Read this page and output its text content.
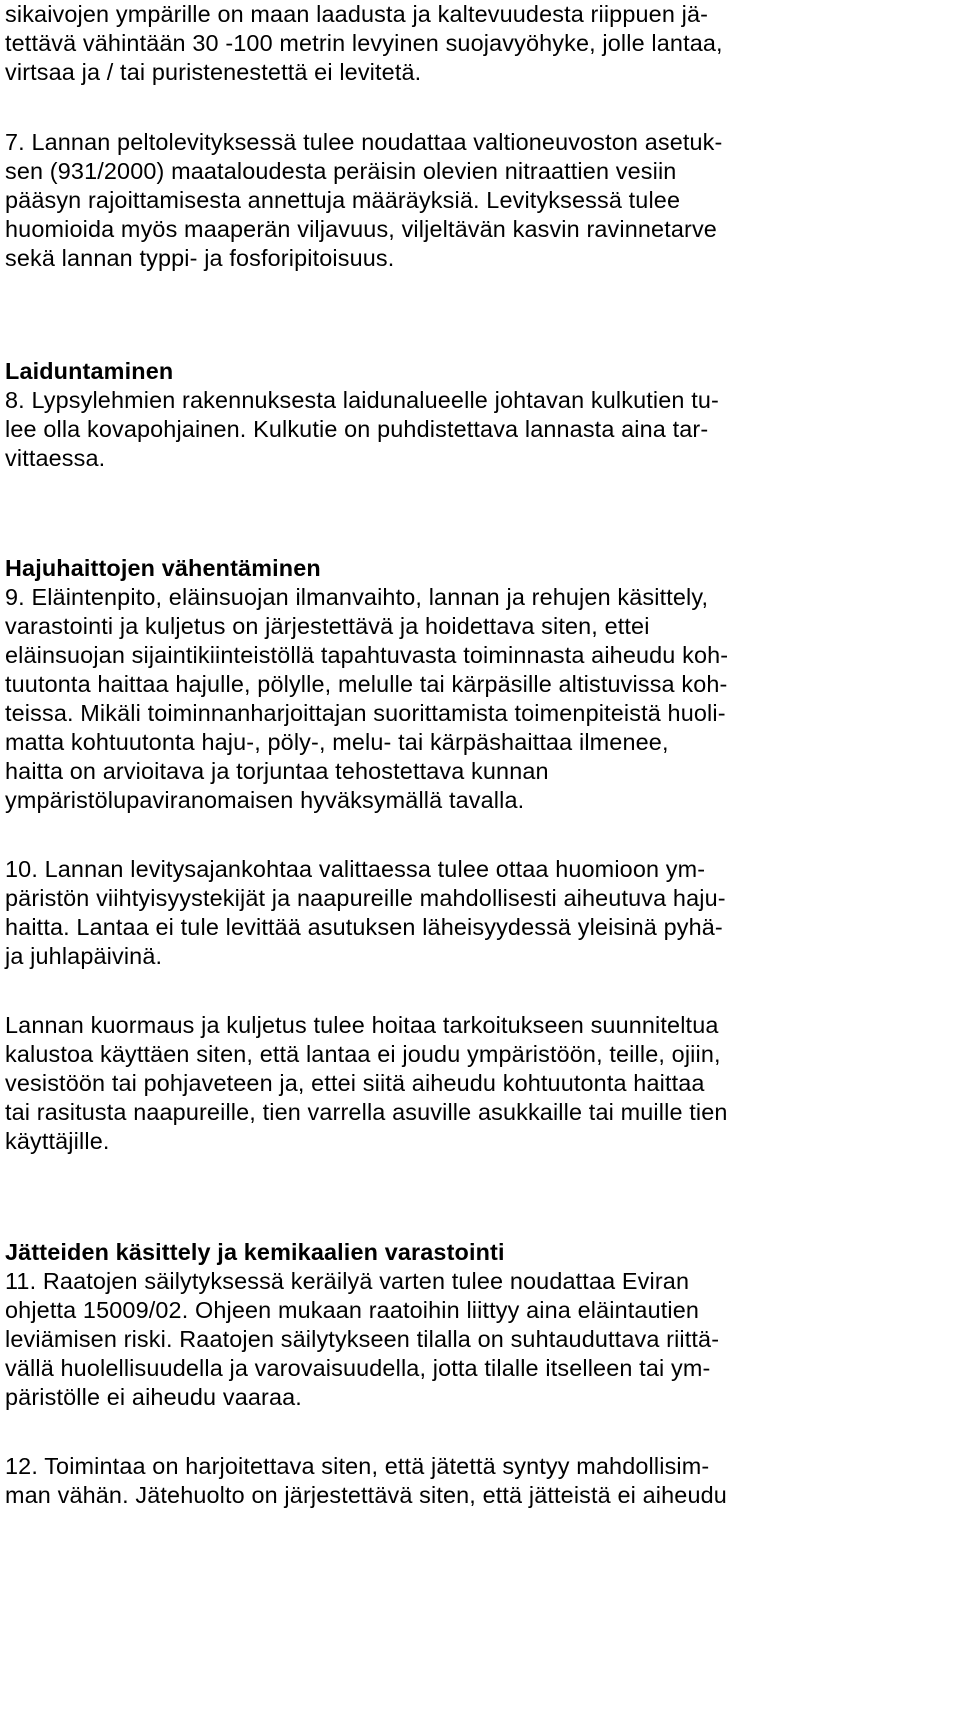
sikaivojen ympärille on maan laadusta ja kaltevuudesta riippuen jä-
tettävä vähintään 30 -100 metrin levyinen suojavyöhyke, jolle lantaa,
virtsaa ja / tai puristenestettä ei levitetä.
7. Lannan peltolevityksessä tulee noudattaa valtioneuvoston asetuk-
sen (931/2000) maataloudesta peräisin olevien nitraattien vesiin
pääsyn rajoittamisesta annettuja määräyksiä. Levityksessä tulee
huomioida myös maaperän viljavuus, viljeltävän kasvin ravinnetarve
sekä lannan typpi- ja fosforipitoisuus.
Laiduntaminen
8. Lypsylehmien rakennuksesta laidunalueelle johtavan kulkutien tu-
lee olla kovapohjainen. Kulkutie on puhdistettava lannasta aina tar-
vittaessa.
Hajuhaittojen vähentäminen
9. Eläintenpito, eläinsuojan ilmanvaihto, lannan ja rehujen käsittely,
varastointi ja kuljetus on järjestettävä ja hoidettava siten, ettei
eläinsuojan sijaintikiinteistöllä tapahtuvasta toiminnasta aiheudu koh-
tuutonta haittaa hajulle, pölylle, melulle tai kärpäsille altistuvissa koh-
teissa. Mikäli toiminnanharjoittajan suorittamista toimenpiteistä huoli-
matta kohtuutonta haju-, pöly-, melu- tai kärpäshaittaa ilmenee,
haitta on arvioitava ja torjuntaa tehostettava kunnan
ympäristölupaviranomaisen hyväksymällä tavalla.
10. Lannan levitysajankohtaa valittaessa tulee ottaa huomioon ym-
päristön viihtyisyystekijät ja naapureille mahdollisesti aiheutuva haju-
haitta. Lantaa ei tule levittää asutuksen läheisyydessä yleisinä pyhä-
ja juhlapäivinä.
Lannan kuormaus ja kuljetus tulee hoitaa tarkoitukseen suunniteltua
kalustoa käyttäen siten, että lantaa ei joudu ympäristöön, teille, ojiin,
vesistöön tai pohjaveteen ja, ettei siitä aiheudu kohtuutonta haittaa
tai rasitusta naapureille, tien varrella asuville asukkaille tai muille tien
käyttäjille.
Jätteiden käsittely ja kemikaalien varastointi
11. Raatojen säilytyksessä keräilyä varten tulee noudattaa Eviran
ohjetta 15009/02. Ohjeen mukaan raatoihin liittyy aina eläintautien
leviämisen riski. Raatojen säilytykseen tilalla on suhtauduttava riittä-
vällä huolellisuudella ja varovaisuudella, jotta tilalle itselleen tai ym-
päristölle ei aiheudu vaaraa.
12. Toimintaa on harjoitettava siten, että jätettä syntyy mahdollisim-
man vähän. Jätehuolto on järjestettävä siten, että jätteistä ei aiheudu
